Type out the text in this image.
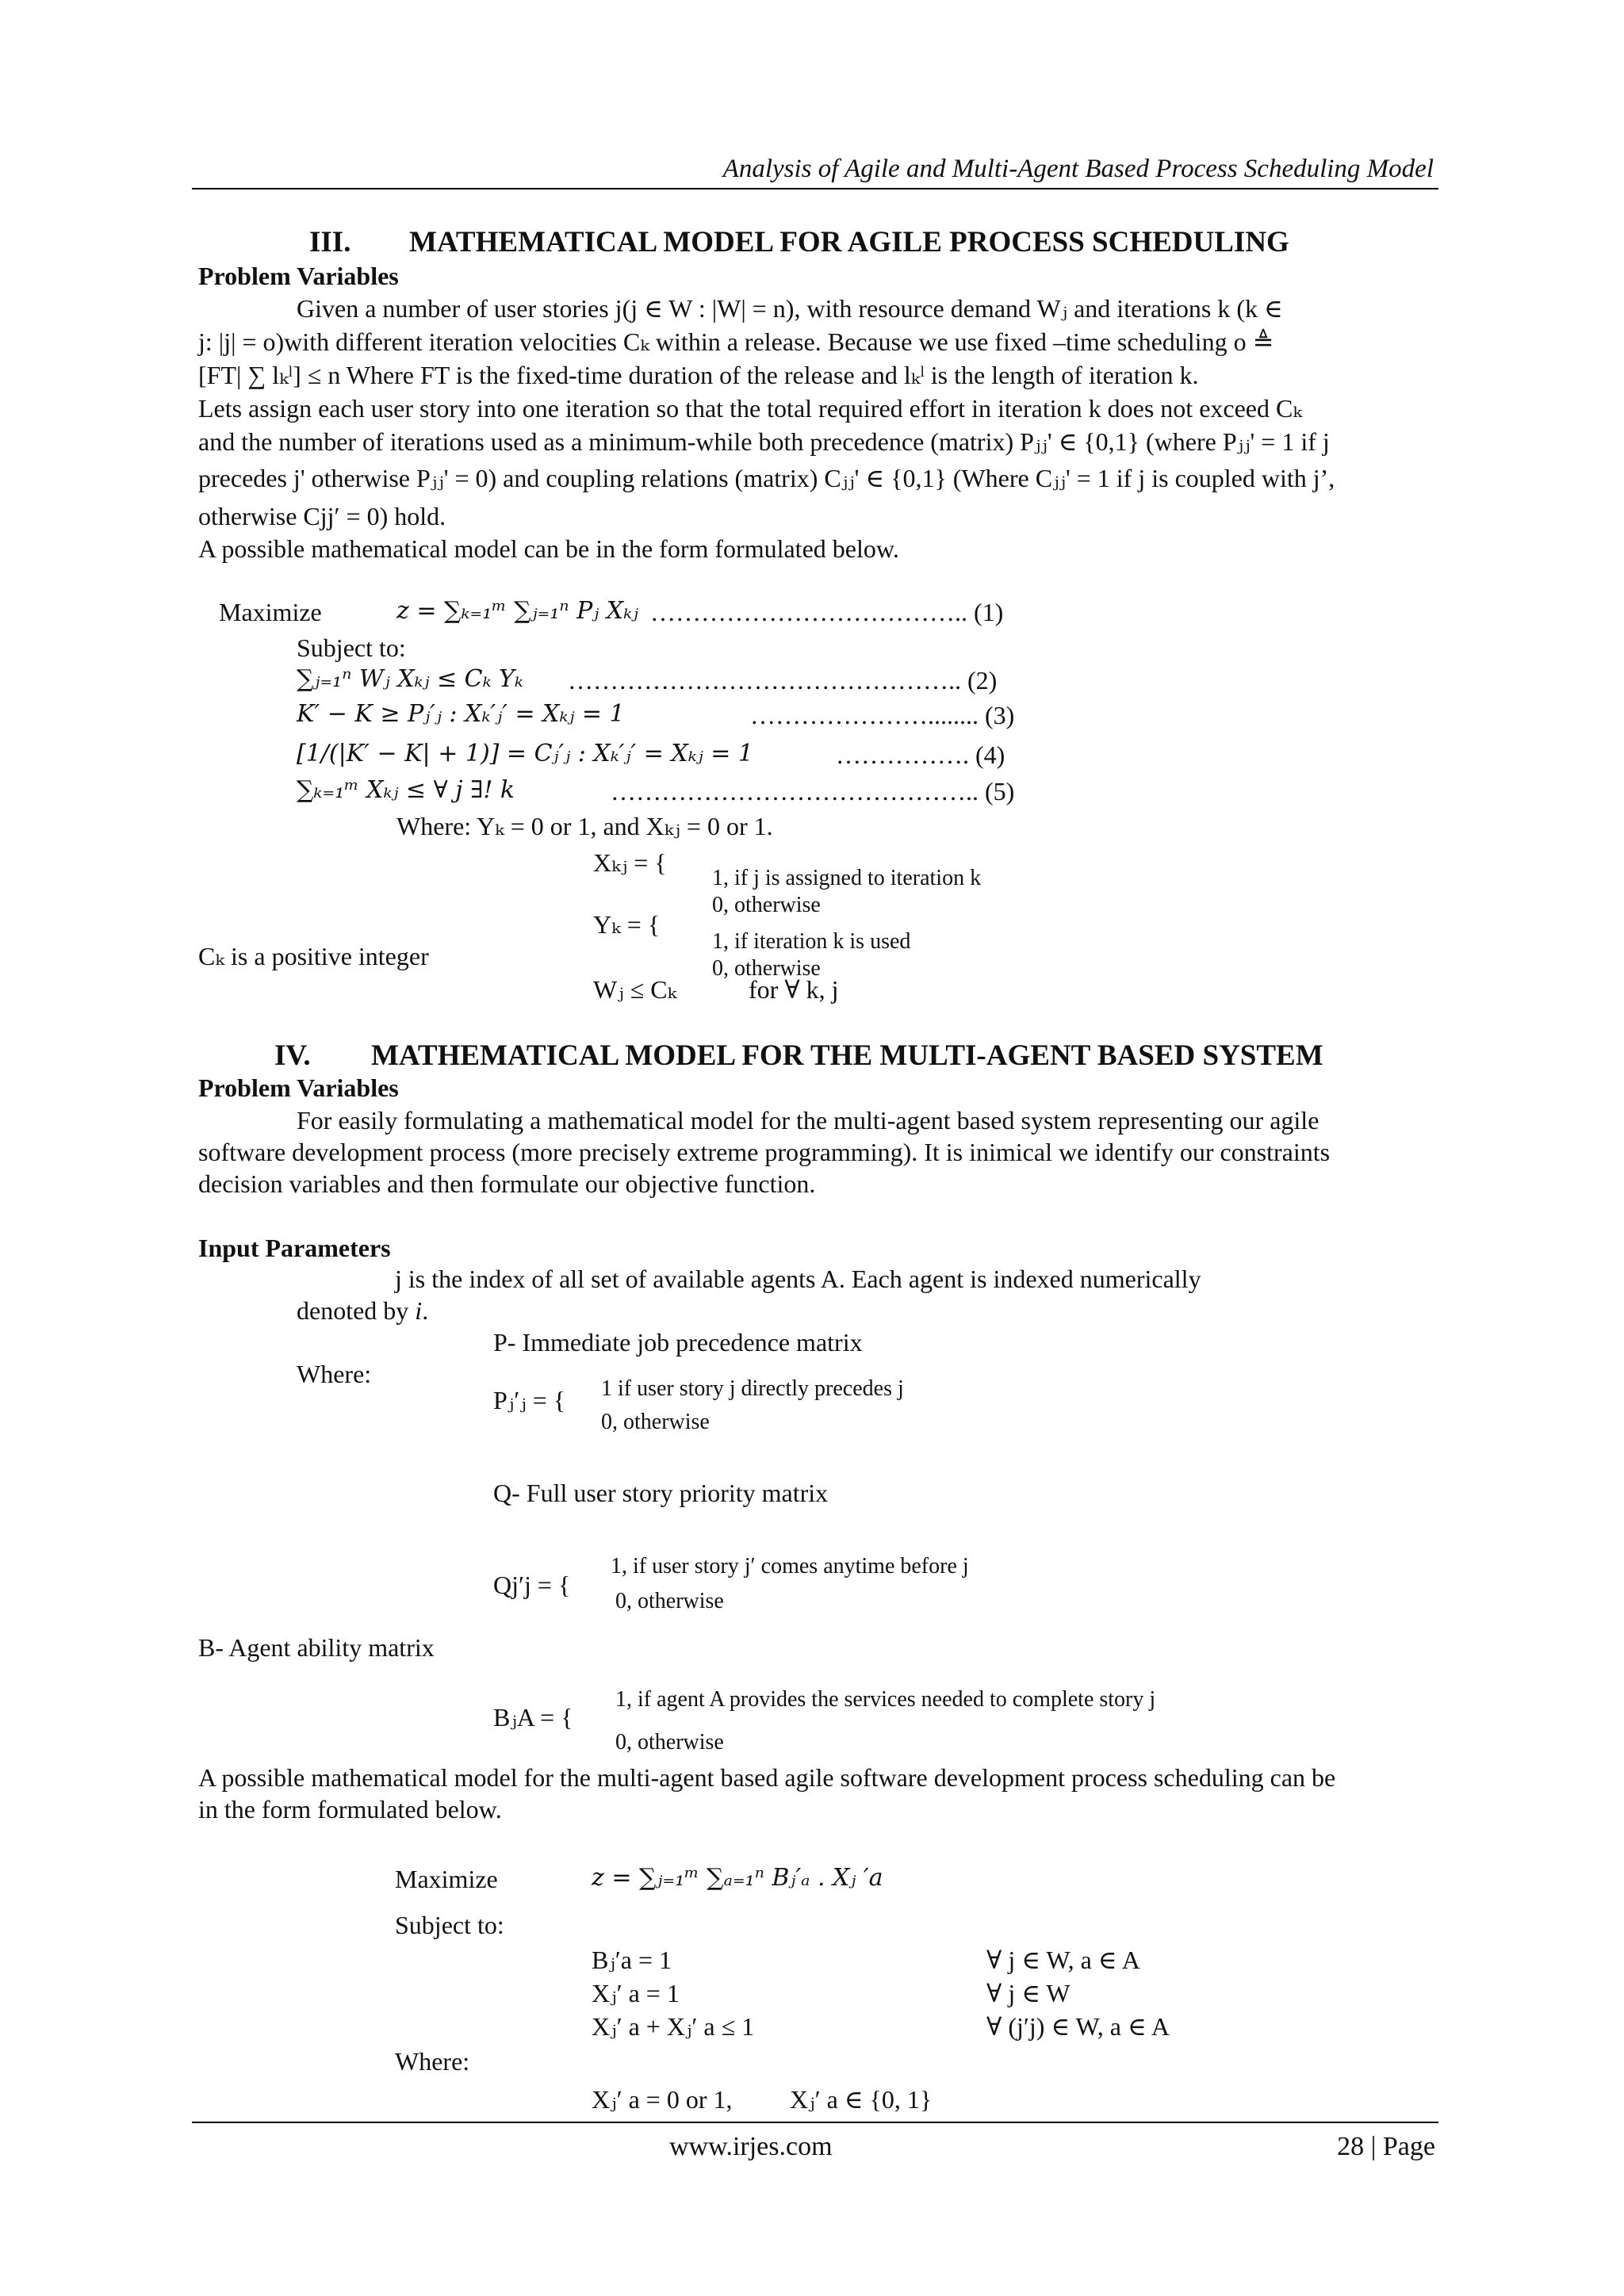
Analysis of Agile and Multi-Agent Based Process Scheduling Model
III. MATHEMATICAL MODEL FOR AGILE PROCESS SCHEDULING
Problem Variables
Given a number of user stories j(j ∈ W : |W| = n), with resource demand Wⱼ and iterations k (k ∈
j: |j| = o)with different iteration velocities Cₖ within a release. Because we use fixed –time scheduling o ≜
[FT| ∑ lₖˡ] ≤ n Where FT is the fixed-time duration of the release and lₖˡ is the length of iteration k.
Lets assign each user story into one iteration so that the total required effort in iteration k does not exceed Cₖ
and the number of iterations used as a minimum-while both precedence (matrix) Pⱼⱼ' ∈ {0,1} (where Pⱼⱼ' = 1 if j
precedes j' otherwise Pⱼⱼ' = 0) and coupling relations (matrix) Cⱼⱼ' ∈ {0,1} (Where Cⱼⱼ' = 1 if j is coupled with j’,
otherwise Cjj′ = 0) hold.
A possible mathematical model can be in the form formulated below.
Maximize	z = ∑ₖ₌₁ᵐ ∑ⱼ₌₁ⁿ Pⱼ Xₖⱼ ……………………………….. (1)
Subject to:
∑ⱼ₌₁ⁿ Wⱼ Xₖⱼ ≤ Cₖ Yₖ ……………………………………….. (2)
K′ − K ≥ Pⱼ′ⱼ : Xₖ′ⱼ′ = Xₖⱼ = 1	…………………........ (3)
[1/(|K′ − K| + 1)] = Cⱼ′ⱼ : Xₖ′ⱼ′ = Xₖⱼ = 1	……………. (4)
∑ₖ₌₁ᵐ Xₖⱼ ≤ ∀ j ∃! k	…………………………………….. (5)
Where: Yₖ = 0 or 1, and Xₖⱼ = 0 or 1.
Xₖⱼ = {
1, if j is assigned to iteration k
0, otherwise
Yₖ = {
1, if iteration k is used
0, otherwise
Cₖ is a positive integer
Wⱼ ≤ Cₖ	for ∀ k, j
IV. MATHEMATICAL MODEL FOR THE MULTI-AGENT BASED SYSTEM
Problem Variables
For easily formulating a mathematical model for the multi-agent based system representing our agile
software development process (more precisely extreme programming). It is inimical we identify our constraints
decision variables and then formulate our objective function.
Input Parameters
j is the index of all set of available agents A. Each agent is indexed numerically
denoted by i.
P- Immediate job precedence matrix
Where:
Pⱼ′ⱼ = { 1 if user story j directly precedes j
0, otherwise
Q- Full user story priority matrix
Qj′j = {
1, if user story j′ comes anytime before j
0, otherwise
B- Agent ability matrix
BⱼA = {
1, if agent A provides the services needed to complete story j
0, otherwise
A possible mathematical model for the multi-agent based agile software development process scheduling can be
in the form formulated below.
Maximize	z = ∑ⱼ₌₁ᵐ ∑ₐ₌₁ⁿ Bⱼ′ₐ . Xⱼ ′a
Subject to:
Bⱼ′a = 1	∀ j ∈ W, a ∈ A
Xⱼ′ a = 1	∀ j ∈ W
Xⱼ′ a + Xⱼ′ a ≤ 1	∀ (j′j) ∈ W, a ∈ A
Where:
Xⱼ′ a = 0 or 1, Xⱼ′ a ∈ {0, 1}
www.irjes.com	28 | Page
